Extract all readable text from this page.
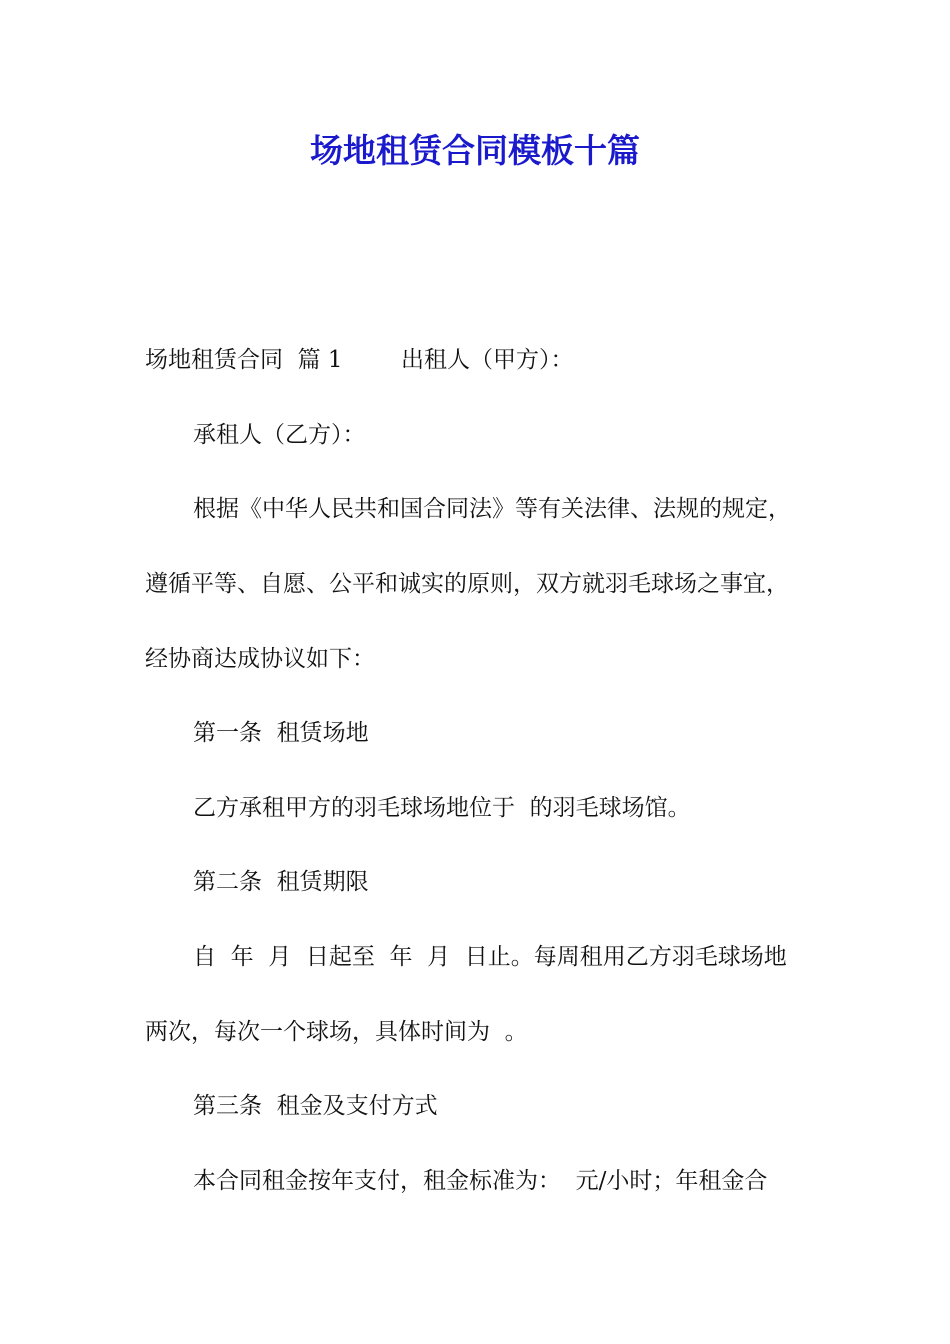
场地租赁合同模板十篇
场地租赁合同  篇 1        出租人（甲方）：
承租人（乙方）：
根据《中华人民共和国合同法》等有关法律、法规的规定，
遵循平等、自愿、公平和诚实的原则，双方就羽毛球场之事宜，
经协商达成协议如下：
第一条  租赁场地
乙方承租甲方的羽毛球场地位于  的羽毛球场馆。
第二条  租赁期限
自  年  月  日起至  年  月  日止。每周租用乙方羽毛球场地
两次，每次一个球场，具体时间为  。
第三条  租金及支付方式
本合同租金按年支付，租金标准为：  元/小时；年租金合
